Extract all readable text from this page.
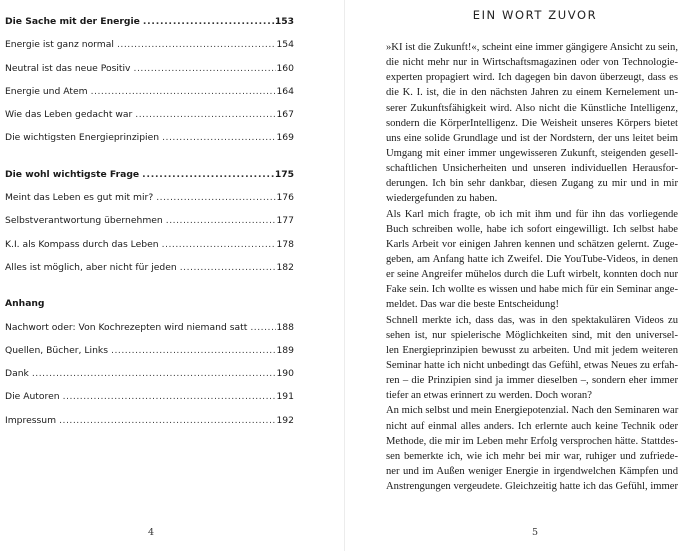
Die Sache mit der Energie . . .	153
Energie ist ganz normal . . .	154
Neutral ist das neue Positiv . . .	160
Energie und Atem . . .	164
Wie das Leben gedacht war . . .	167
Die wichtigsten Energieprinzipien . . .	169
Die wohl wichtigste Frage . . .	175
Meint das Leben es gut mit mir? . . .	176
Selbstverantwortung übernehmen . . .	177
K.I. als Kompass durch das Leben . . .	178
Alles ist möglich, aber nicht für jeden . . .	182
Anhang
Nachwort oder: Von Kochrezepten wird niemand satt . . .	188
Quellen, Bücher, Links . . .	189
Dank . . .	190
Die Autoren . . .	191
Impressum . . .	192
4
EIN WORT ZUVOR
»KI ist die Zukunft!«, scheint eine immer gängigere Ansicht zu sein,
die nicht mehr nur in Wirtschaftsmagazinen oder von Technologie-
experten propagiert wird. Ich dagegen bin davon überzeugt, dass es
die K. I. ist, die in den nächsten Jahren zu einem Kernelement un-
serer Zukunftsfähigkeit wird. Also nicht die Künstliche Intelligenz,
sondern die KörperIntelligenz. Die Weisheit unseres Körpers bietet
uns eine solide Grundlage und ist der Nordstern, der uns leitet beim
Umgang mit einer immer ungewisseren Zukunft, steigenden gesell-
schaftlichen Unsicherheiten und unseren individuellen Herausfor-
derungen. Ich bin sehr dankbar, diesen Zugang zu mir und in mir
wiedergefunden zu haben.
Als Karl mich fragte, ob ich mit ihm und für ihn das vorliegende
Buch schreiben wolle, habe ich sofort eingewilligt. Ich selbst habe
Karls Arbeit vor einigen Jahren kennen und schätzen gelernt. Zuge-
geben, am Anfang hatte ich Zweifel. Die YouTube-Videos, in denen
er seine Angreifer mühelos durch die Luft wirbelt, konnten doch nur
Fake sein. Ich wollte es wissen und habe mich für ein Seminar ange-
meldet. Das war die beste Entscheidung!
Schnell merkte ich, dass das, was in den spektakulären Videos zu
sehen ist, nur spielerische Möglichkeiten sind, mit den universel-
len Energieprinzipien bewusst zu arbeiten. Und mit jedem weiteren
Seminar hatte ich nicht unbedingt das Gefühl, etwas Neues zu erfah-
ren – die Prinzipien sind ja immer dieselben –, sondern eher immer
tiefer an etwas erinnert zu werden. Doch woran?
An mich selbst und mein Energiepotenzial. Nach den Seminaren war
nicht auf einmal alles anders. Ich erlernte auch keine Technik oder
Methode, die mir im Leben mehr Erfolg versprochen hätte. Stattdes-
sen bemerkte ich, wie ich mehr bei mir war, ruhiger und zufriede-
ner und im Außen weniger Energie in irgendwelchen Kämpfen und
Anstrengungen vergeudete. Gleichzeitig hatte ich das Gefühl, immer
5
